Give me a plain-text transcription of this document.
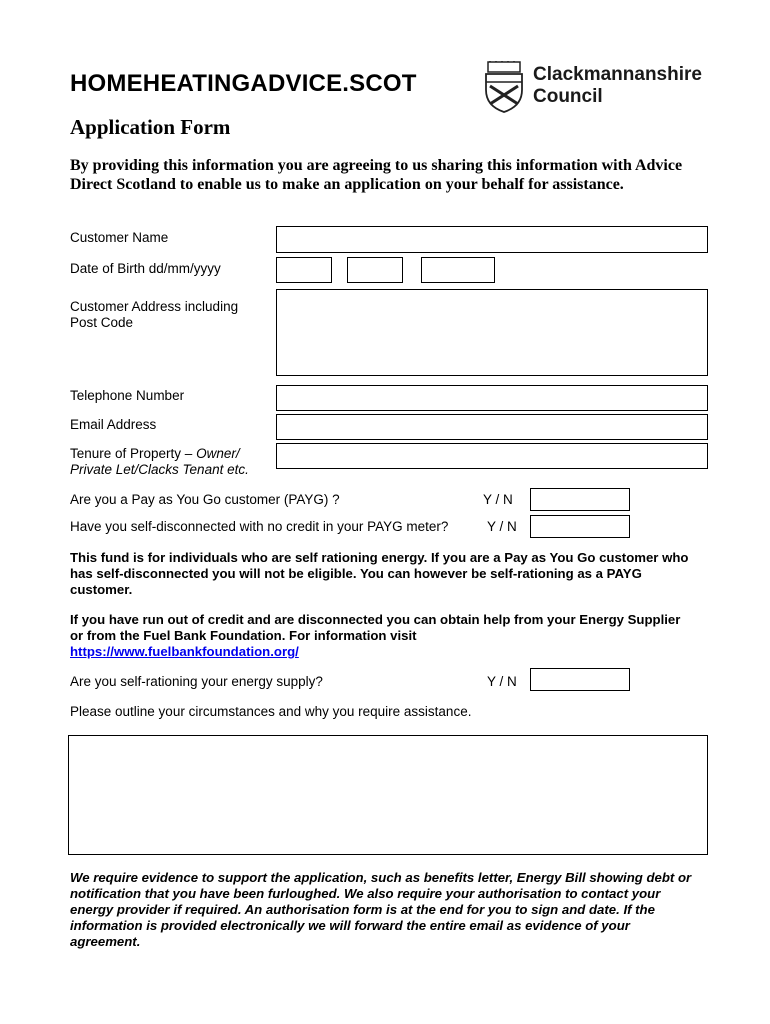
HOMEHEATINGADVICE.SCOT	Clackmannanshire
Council
Application Form
By providing this information you are agreeing to us sharing this information with Advice Direct Scotland to enable us to make an application on your behalf for assistance.
Customer Name
Date of Birth dd/mm/yyyy
Customer Address including
Post Code
Telephone Number
Email Address
Tenure of Property – Owner/
Private Let/Clacks Tenant etc.
Are you a Pay as You Go customer (PAYG) ?	Y / N
Have you self-disconnected with no credit in your PAYG meter?	Y / N
This fund is for individuals who are self rationing energy. If you are a Pay as You Go customer who has self-disconnected you will not be eligible. You can however be self-rationing as a PAYG customer.
If you have run out of credit and are disconnected you can obtain help from your Energy Supplier or from the Fuel Bank Foundation. For information visit
https://www.fuelbankfoundation.org/
Are you self-rationing your energy supply?	Y / N
Please outline your circumstances and why you require assistance.
We require evidence to support the application, such as benefits letter, Energy Bill showing debt or notification that you have been furloughed. We also require your authorisation to contact your energy provider if required. An authorisation form is at the end for you to sign and date. If the information is provided electronically we will forward the entire email as evidence of your agreement.
